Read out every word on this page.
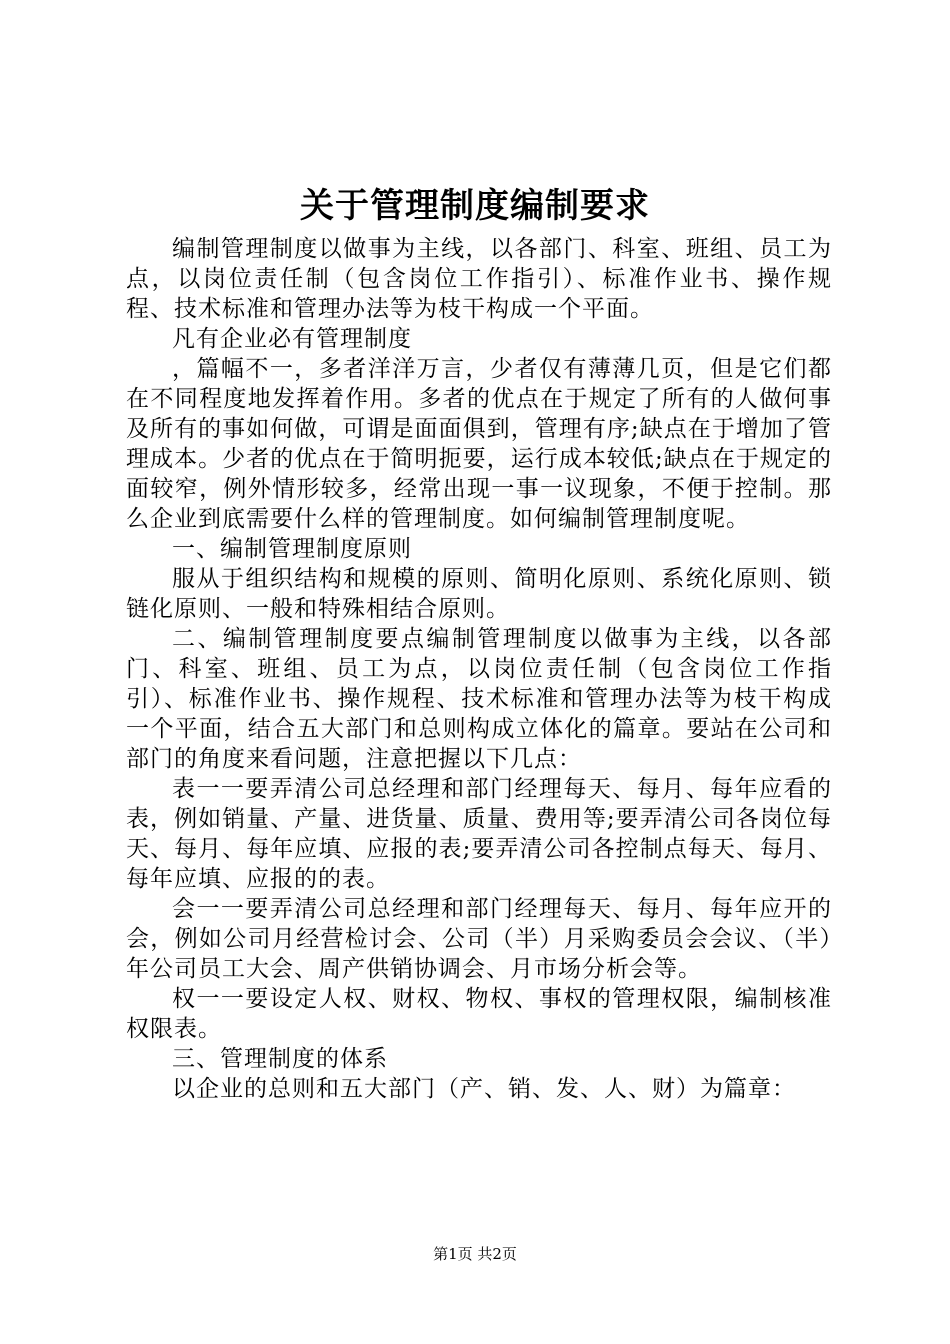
关于管理制度编制要求

编制管理制度以做事为主线，以各部门、科室、班组、员工为点，以岗位责任制（包含岗位工作指引）、标准作业书、操作规程、技术标准和管理办法等为枝干构成一个平面。

凡有企业必有管理制度

，篇幅不一，多者洋洋万言，少者仅有薄薄几页，但是它们都在不同程度地发挥着作用。多者的优点在于规定了所有的人做何事及所有的事如何做，可谓是面面俱到，管理有序;缺点在于增加了管理成本。少者的优点在于简明扼要，运行成本较低;缺点在于规定的面较窄，例外情形较多，经常出现一事一议现象，不便于控制。那么企业到底需要什么样的管理制度。如何编制管理制度呢。

一、编制管理制度原则

服从于组织结构和规模的原则、简明化原则、系统化原则、锁链化原则、一般和特殊相结合原则。

二、编制管理制度要点编制管理制度以做事为主线，以各部门、科室、班组、员工为点，以岗位责任制（包含岗位工作指引）、标准作业书、操作规程、技术标准和管理办法等为枝干构成一个平面，结合五大部门和总则构成立体化的篇章。要站在公司和部门的角度来看问题，注意把握以下几点：

表一一要弄清公司总经理和部门经理每天、每月、每年应看的表，例如销量、产量、进货量、质量、费用等;要弄清公司各岗位每天、每月、每年应填、应报的表;要弄清公司各控制点每天、每月、每年应填、应报的的表。

会一一要弄清公司总经理和部门经理每天、每月、每年应开的会，例如公司月经营检讨会、公司（半）月采购委员会会议、（半）年公司员工大会、周产供销协调会、月市场分析会等。

权一一要设定人权、财权、物权、事权的管理权限，编制核准权限表。

三、管理制度的体系

以企业的总则和五大部门（产、销、发、人、财）为篇章：

第1页 共2页
